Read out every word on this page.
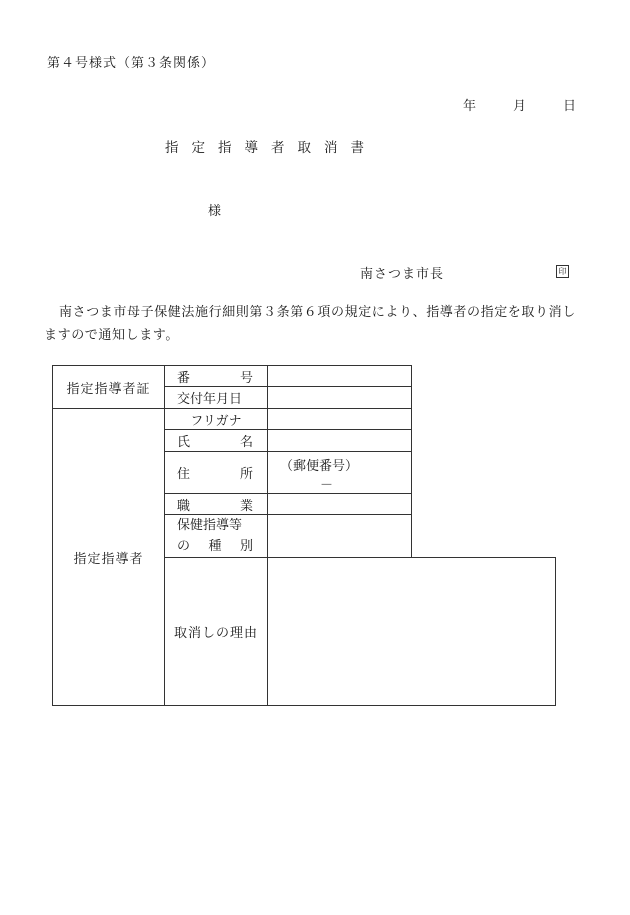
第４号様式（第３条関係）
年	月	日
指定指導者取消書
様
南さつま市長	印
南さつま市母子保健法施行細則第３条第６項の規定により、指導者の指定を取り消しますので通知します。
指定指導者証	番 号	

	交付年月日	
指定指導者	フリガナ	

	氏 名	

	住 所	（郵便番号）－

	職 業	

	保健指導等
の 種 別	

	取消しの理由	
